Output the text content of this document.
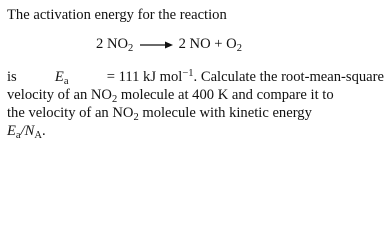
The activation energy for the reaction
2 $NO_2 \to 2$ NO + $O_2$
is	$E_a$	= 111 kJ mol$^{-1}$. Calculate the root-mean-square
velocity of an $NO_2$ molecule at 400 K and compare it to
the velocity of an $NO_2$ molecule with kinetic energy
$E_a/N_A$.
